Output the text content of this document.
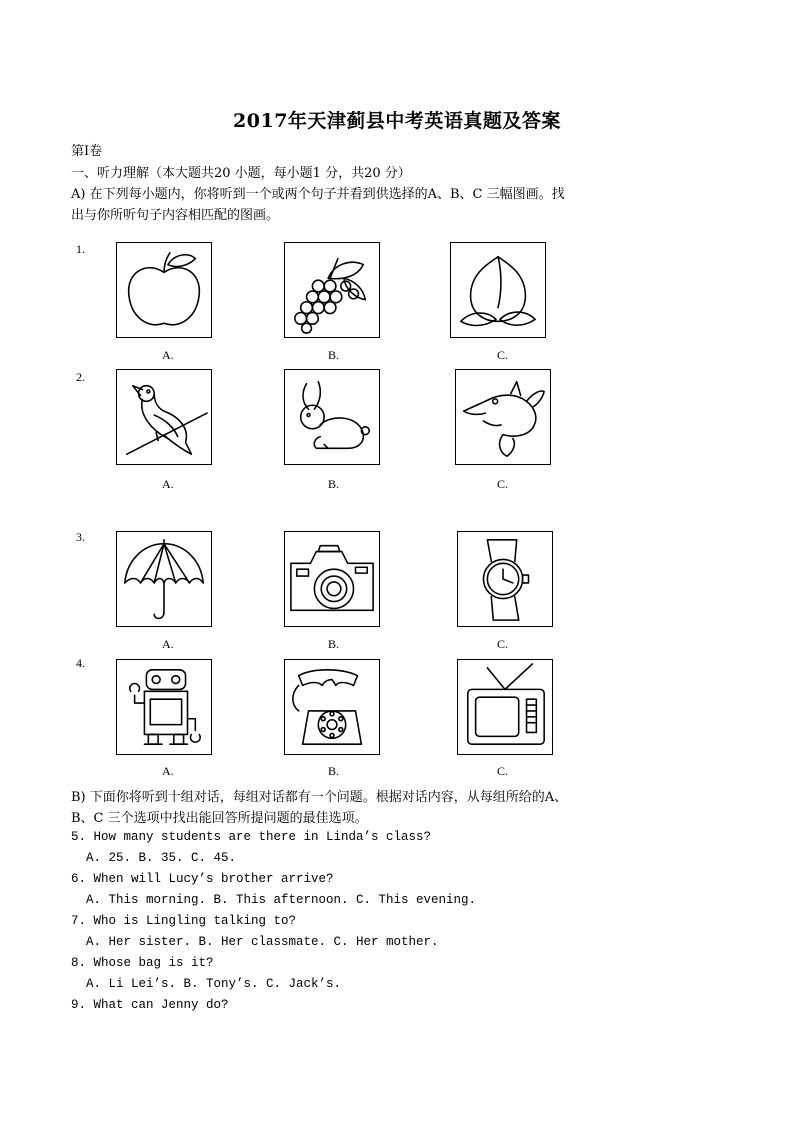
2017年天津蓟县中考英语真题及答案
第Ⅰ卷
一、听力理解（本大题共20 小题，每小题1 分，共20 分）
A) 在下列每小题内，你将听到一个或两个句子并看到供选择的A、B、C 三幅图画。找
出与你所听句子内容相匹配的图画。
1.
A.	B.	C.
2.
A.	B.	C.
3.
A.	B.	C.
4.
A.	B.	C.
B) 下面你将听到十组对话，每组对话都有一个问题。根据对话内容，从每组所给的A、
B、C 三个选项中找出能回答所提问题的最佳选项。
5. How many students are there in Linda’s class?
A. 25. B. 35. C. 45.
6. When will Lucy’s brother arrive?
A. This morning. B. This afternoon. C. This evening.
7. Who is Lingling talking to?
A. Her sister. B. Her classmate. C. Her mother.
8. Whose bag is it?
A. Li Lei’s. B. Tony’s. C. Jack’s.
9. What can Jenny do?
